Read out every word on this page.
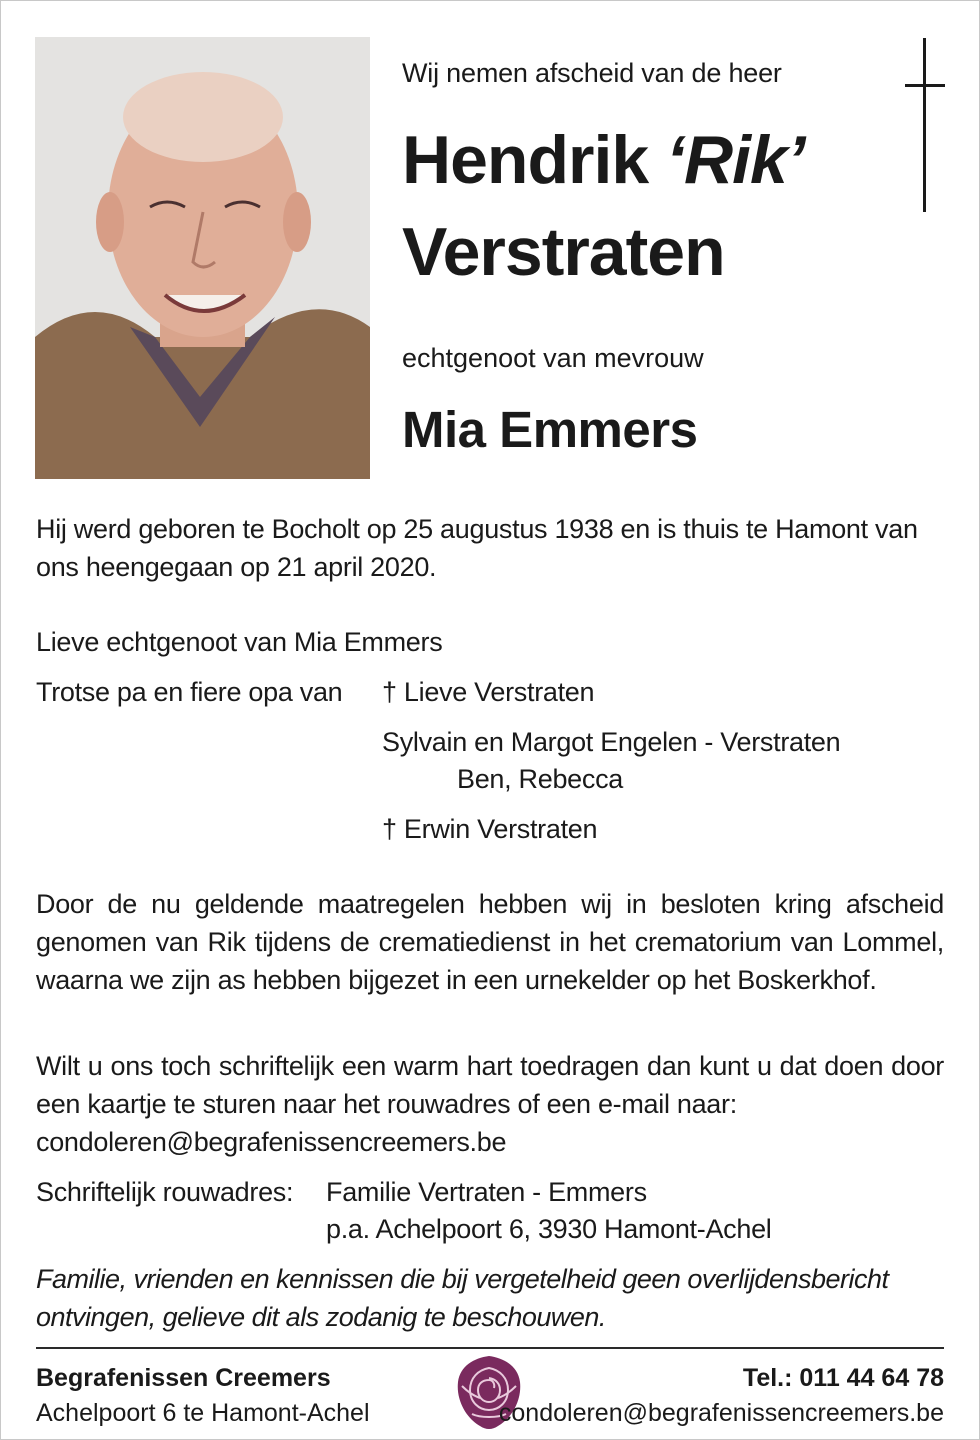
Wij nemen afscheid van de heer
Hendrik ‘Rik’
Verstraten
echtgenoot van mevrouw
Mia Emmers
Hij werd geboren te Bocholt op 25 augustus 1938 en is thuis te Hamont van ons heengegaan op 21 april 2020.
Lieve echtgenoot van Mia Emmers
Trotse pa en fiere opa van † Lieve Verstraten
Sylvain en Margot Engelen - Verstraten
Ben, Rebecca
† Erwin Verstraten
Door de nu geldende maatregelen hebben wij in besloten kring afscheid genomen van Rik tijdens de crematiedienst in het crematorium van Lommel, waarna we zijn as hebben bijgezet in een urnekelder op het Boskerkhof.
Wilt u ons toch schriftelijk een warm hart toedragen dan kunt u dat doen door een kaartje te sturen naar het rouwadres of een e-mail naar:
condoleren@begrafenissencreemers.be
Schriftelijk rouwadres: Familie Vertraten - Emmers
p.a. Achelpoort 6, 3930 Hamont-Achel
Familie, vrienden en kennissen die bij vergetelheid geen overlijdensbericht ontvingen, gelieve dit als zodanig te beschouwen.
Begrafenissen Creemers
Achelpoort 6 te Hamont-Achel
Tel.: 011 44 64 78
condoleren@begrafenissencreemers.be
